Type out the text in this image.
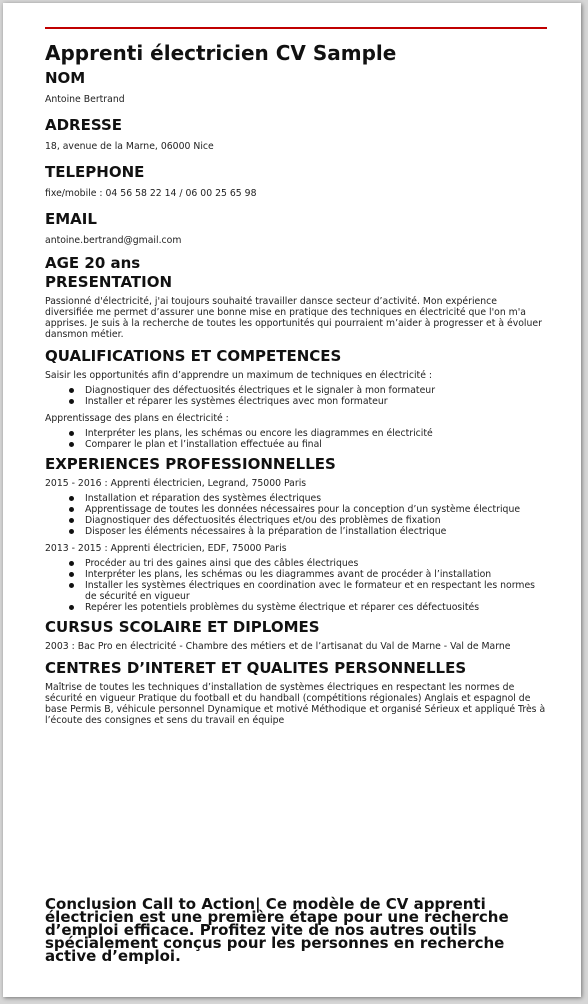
Apprenti électricien CV Sample
NOM

Antoine Bertrand

ADRESSE

18, avenue de la Marne, 06000 Nice

TELEPHONE

fixe/mobile : 04 56 58 22 14 / 06 00 25 65 98

EMAIL

antoine.bertrand@gmail.com

AGE 20 ans
PRESENTATION

Passionné d'électricité, j'ai toujours souhaité travailler dansce secteur d’activité. Mon expérience diversifiée me permet d’assurer une bonne mise en pratique des techniques en électricité que l'on m'a apprises. Je suis à la recherche de toutes les opportunités qui pourraient m’aider à progresser et à évoluer dansmon métier.

QUALIFICATIONS ET COMPETENCES

Saisir les opportunités afin d’apprendre un maximum de techniques en électricité :

Diagnostiquer des défectuosités électriques et le signaler à mon formateur
Installer et réparer les systèmes électriques avec mon formateur

Apprentissage des plans en électricité :

Interpréter les plans, les schémas ou encore les diagrammes en électricité
Comparer le plan et l’installation effectuée au final
EXPERIENCES PROFESSIONNELLES

2015 - 2016 : Apprenti électricien, Legrand, 75000 Paris

Installation et réparation des systèmes électriques
Apprentissage de toutes les données nécessaires pour la conception d’un système électrique
Diagnostiquer des défectuosités électriques et/ou des problèmes de fixation
Disposer les éléments nécessaires à la préparation de l’installation électrique

2013 - 2015 : Apprenti électricien, EDF, 75000 Paris

Procéder au tri des gaines ainsi que des câbles électriques
Interpréter les plans, les schémas ou les diagrammes avant de procéder à l’installation
Installer les systèmes électriques en coordination avec le formateur et en respectant les normes de sécurité en vigueur
Repérer les potentiels problèmes du système électrique et réparer ces défectuosités
CURSUS SCOLAIRE ET DIPLOMES

2003 : Bac Pro en électricité - Chambre des métiers et de l’artisanat du Val de Marne - Val de Marne

CENTRES D’INTERET ET QUALITES PERSONNELLES

Maîtrise de toutes les techniques d’installation de systèmes électriques en respectant les normes de sécurité en vigueur Pratique du football et du handball (compétitions régionales) Anglais et espagnol de base Permis B, véhicule personnel Dynamique et motivé Méthodique et organisé Sérieux et appliqué Très à l’écoute des consignes et sens du travail en équipe

Conclusion Call to Action| Ce modèle de CV apprenti électricien est une première étape pour une recherche d’emploi efficace. Profitez vite de nos autres outils spécialement conçus pour les personnes en recherche active d’emploi.
